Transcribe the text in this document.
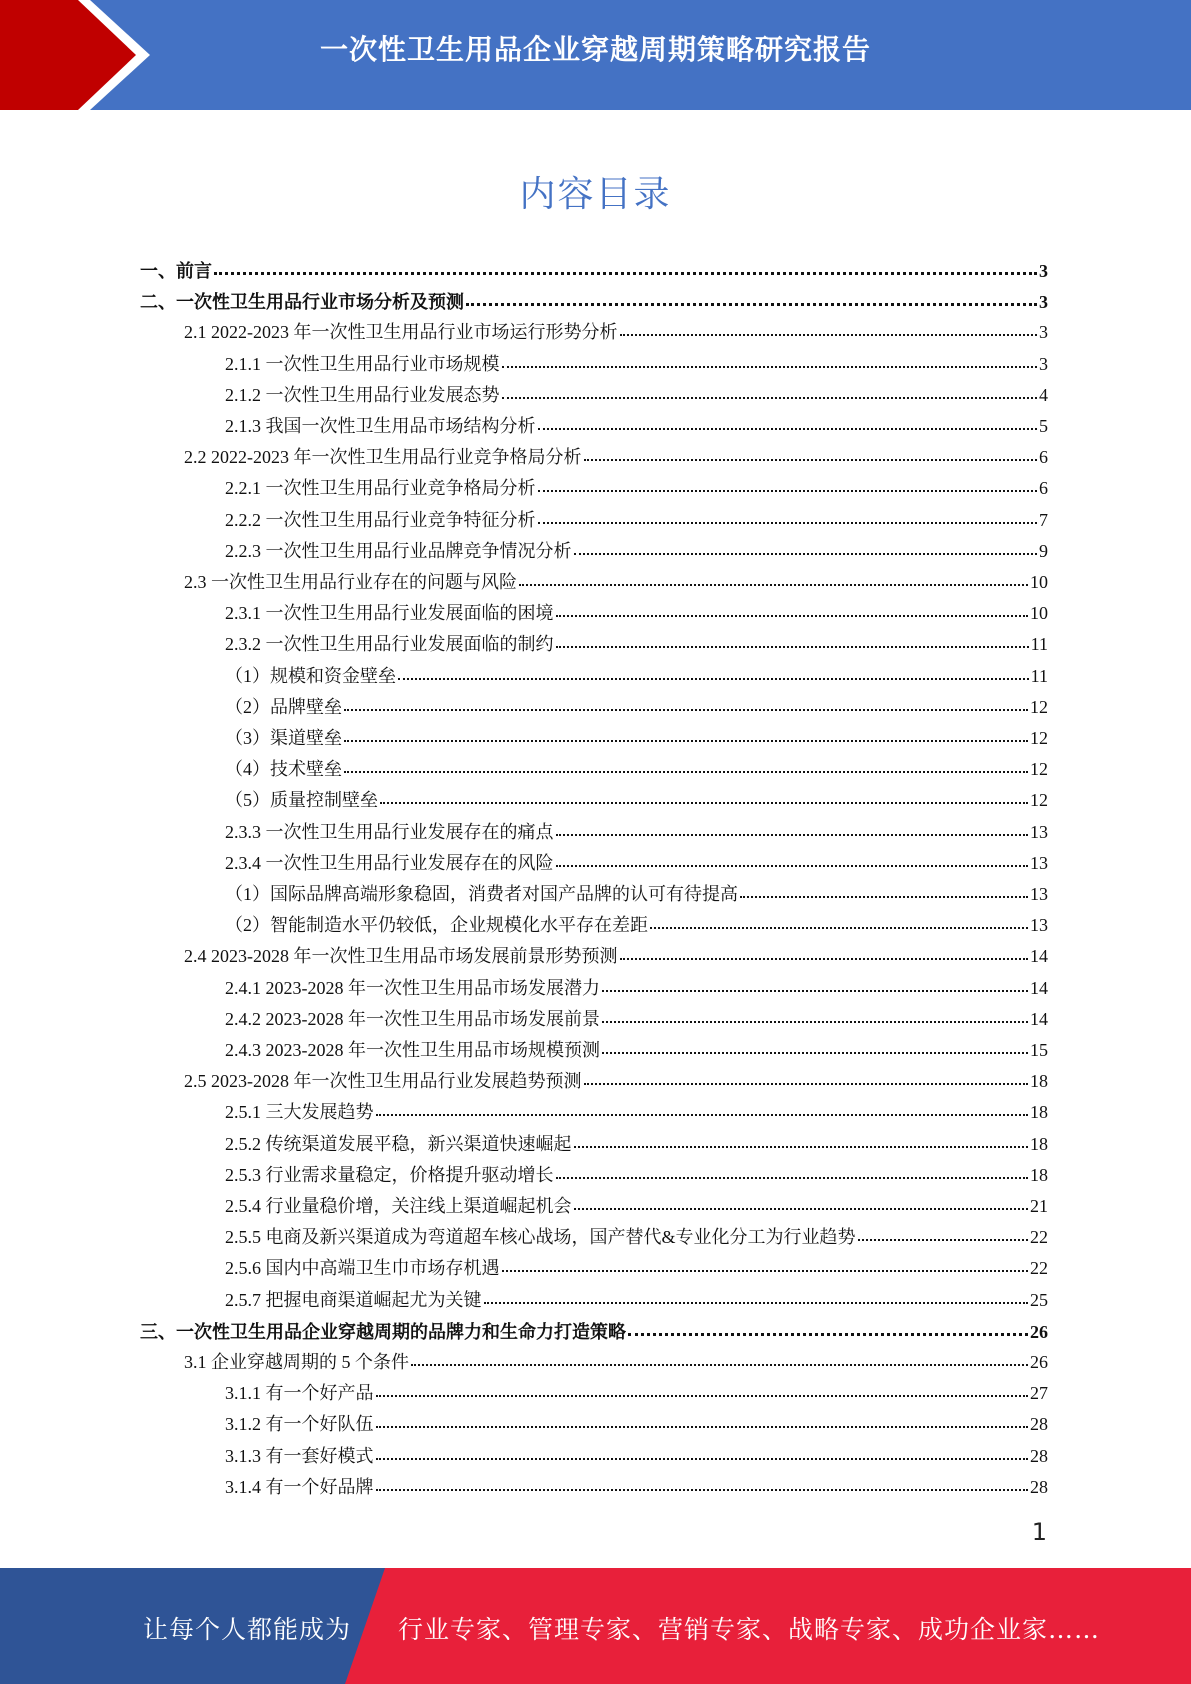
一次性卫生用品企业穿越周期策略研究报告
内容目录
一、前言	3
二、一次性卫生用品行业市场分析及预测	3
2.1 2022-2023 年一次性卫生用品行业市场运行形势分析	3
2.1.1 一次性卫生用品行业市场规模	3
2.1.2 一次性卫生用品行业发展态势	4
2.1.3 我国一次性卫生用品市场结构分析	5
2.2 2022-2023 年一次性卫生用品行业竞争格局分析	6
2.2.1 一次性卫生用品行业竞争格局分析	6
2.2.2 一次性卫生用品行业竞争特征分析	7
2.2.3 一次性卫生用品行业品牌竞争情况分析	9
2.3 一次性卫生用品行业存在的问题与风险	10
2.3.1 一次性卫生用品行业发展面临的困境	10
2.3.2 一次性卫生用品行业发展面临的制约	11
（1）规模和资金壁垒	11
（2）品牌壁垒	12
（3）渠道壁垒	12
（4）技术壁垒	12
（5）质量控制壁垒	12
2.3.3 一次性卫生用品行业发展存在的痛点	13
2.3.4 一次性卫生用品行业发展存在的风险	13
（1）国际品牌高端形象稳固，消费者对国产品牌的认可有待提高	13
（2）智能制造水平仍较低，企业规模化水平存在差距	13
2.4 2023-2028 年一次性卫生用品市场发展前景形势预测	14
2.4.1 2023-2028 年一次性卫生用品市场发展潜力	14
2.4.2 2023-2028 年一次性卫生用品市场发展前景	14
2.4.3 2023-2028 年一次性卫生用品市场规模预测	15
2.5 2023-2028 年一次性卫生用品行业发展趋势预测	18
2.5.1 三大发展趋势	18
2.5.2 传统渠道发展平稳，新兴渠道快速崛起	18
2.5.3 行业需求量稳定，价格提升驱动增长	18
2.5.4 行业量稳价增，关注线上渠道崛起机会	21
2.5.5 电商及新兴渠道成为弯道超车核心战场，国产替代&专业化分工为行业趋势	22
2.5.6 国内中高端卫生巾市场存机遇	22
2.5.7 把握电商渠道崛起尤为关键	25
三、一次性卫生用品企业穿越周期的品牌力和生命力打造策略	26
3.1 企业穿越周期的 5 个条件	26
3.1.1 有一个好产品	27
3.1.2 有一个好队伍	28
3.1.3 有一套好模式	28
3.1.4 有一个好品牌	28
1
让每个人都能成为 行业专家、管理专家、营销专家、战略专家、成功企业家……
